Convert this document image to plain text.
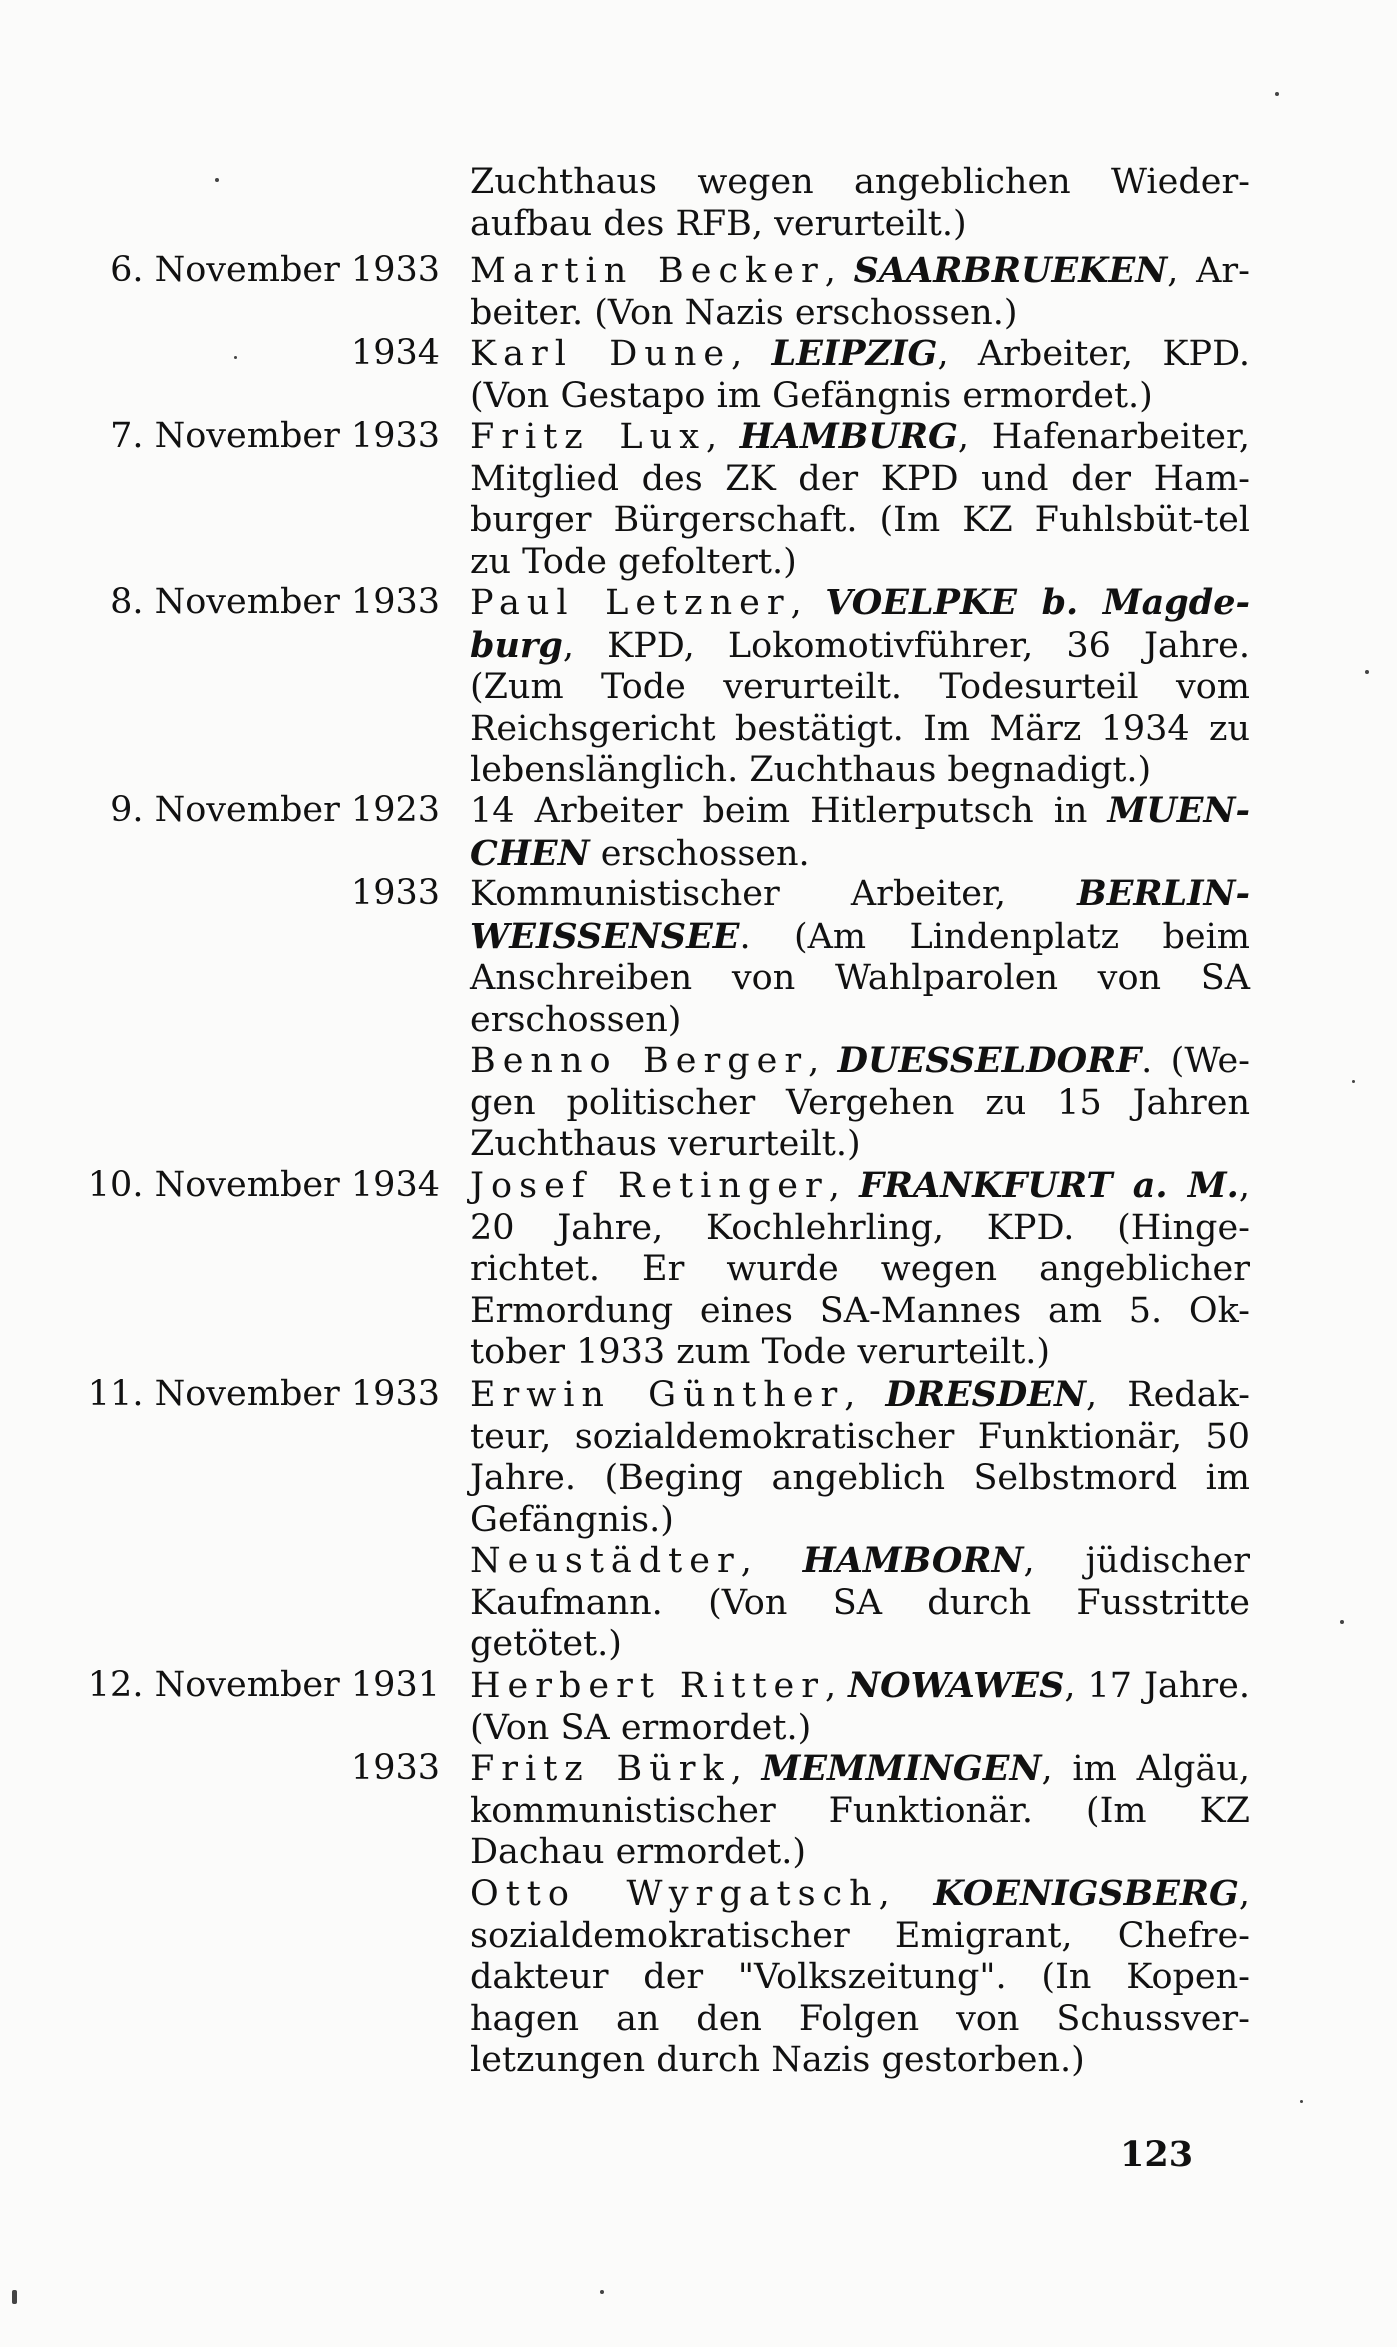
Zuchthaus wegen angeblichen Wieder-aufbau des RFB, verurteilt.)
6. November 1933 Martin Becker, SAARBRUEKEN, Ar-beiter. (Von Nazis erschossen.)
1934 Karl Dune, LEIPZIG, Arbeiter, KPD. (Von Gestapo im Gefängnis ermordet.)
7. November 1933 Fritz Lux, HAMBURG, Hafenarbeiter, Mitglied des ZK der KPD und der Ham-burger Bürgerschaft. (Im KZ Fuhlsbüt-tel zu Tode gefoltert.)
8. November 1933 Paul Letzner, VOELPKE b. Magde-burg, KPD, Lokomotivführer, 36 Jahre. (Zum Tode verurteilt. Todesurteil vom Reichsgericht bestätigt. Im März 1934 zu lebenslänglich. Zuchthaus begnadigt.)
9. November 1923 14 Arbeiter beim Hitlerputsch in MUEN-CHEN erschossen.
1933 Kommunistischer Arbeiter, BERLIN-WEISSENSEE. (Am Lindenplatz beim Anschreiben von Wahlparolen von SA erschossen)
Benno Berger, DUESSELDORF. (We-gen politischer Vergehen zu 15 Jahren Zuchthaus verurteilt.)
10. November 1934 Josef Retinger, FRANKFURT a. M., 20 Jahre, Kochlehrling, KPD. (Hinge-richtet. Er wurde wegen angeblicher Ermordung eines SA-Mannes am 5. Ok-tober 1933 zum Tode verurteilt.)
11. November 1933 Erwin Günther, DRESDEN, Redak-teur, sozialdemokratischer Funktionär, 50 Jahre. (Beging angeblich Selbstmord im Gefängnis.)
Neustädter, HAMBORN, jüdischer Kaufmann. (Von SA durch Fusstritte getötet.)
12. November 1931 Herbert Ritter, NOWAWES, 17 Jahre. (Von SA ermordet.)
1933 Fritz Bürk, MEMMINGEN, im Algäu, kommunistischer Funktionär. (Im KZ Dachau ermordet.)
Otto Wyrgatsch, KOENIGSBERG, sozialdemokratischer Emigrant, Chefre-dakteur der "Volkszeitung". (In Kopen-hagen an den Folgen von Schussver-letzungen durch Nazis gestorben.)
123
